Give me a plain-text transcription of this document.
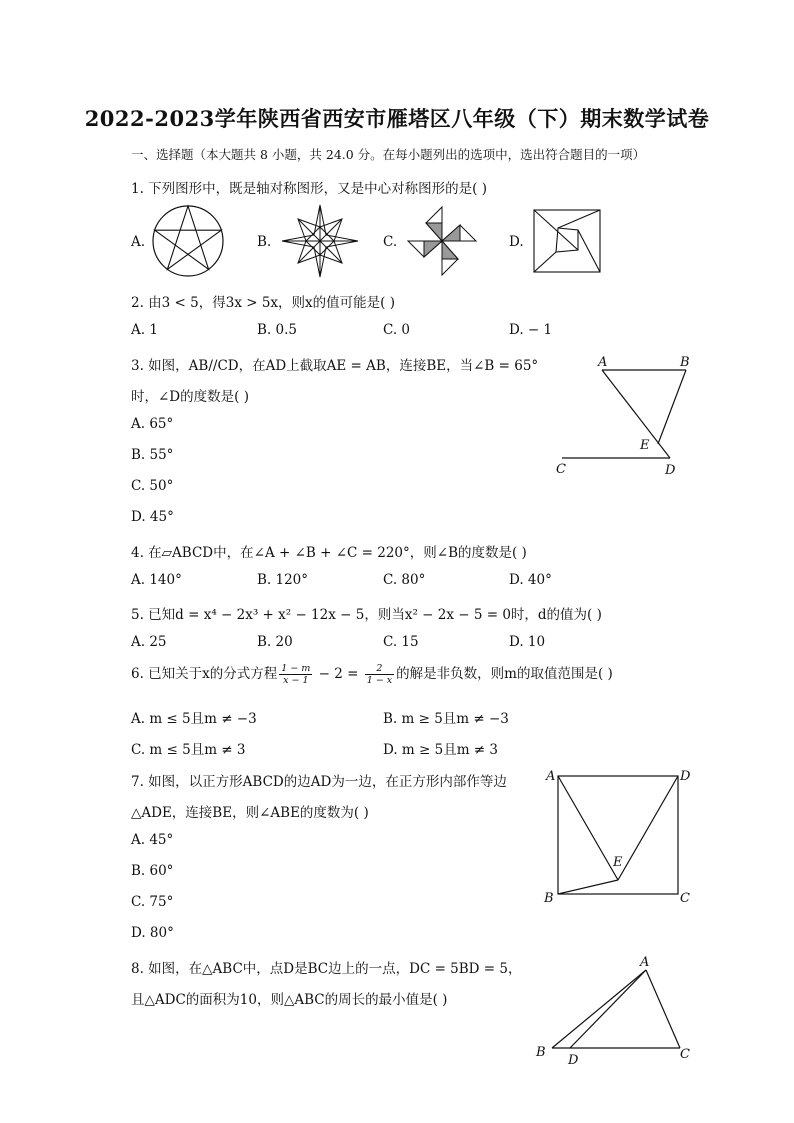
2022-2023学年陕西省西安市雁塔区八年级（下）期末数学试卷
一、选择题（本大题共 8 小题，共 24.0 分。在每小题列出的选项中，选出符合题目的一项）
1. 下列图形中，既是轴对称图形，又是中心对称图形的是( )
A.	B.	C.	D.
2. 由3 < 5，得3x > 5x，则x的值可能是( )
A. 1	B. 0.5	C. 0	D. − 1
3. 如图，AB//CD，在AD上截取AE = AB，连接BE，当∠B = 65°
时，∠D的度数是( )
A. 65°
B. 55°
C. 50°
D. 45°
A	B
C	D
E
4. 在▱ABCD中，在∠A + ∠B + ∠C = 220°，则∠B的度数是( )
A. 140°	B. 120°	C. 80°	D. 40°
5. 已知d = x⁴ − 2x³ + x² − 12x − 5，则当x² − 2x − 5 = 0时，d的值为( )
A. 25	B. 20	C. 15	D. 10
6. 已知关于x的分式方程 $\frac{1 - m}{x - 1} - 2 = \frac{2}{1 - x}$ 的解是非负数，则m的取值范围是( )
A. m ≤ 5且m ≠ −3	B. m ≥ 5且m ≠ −3
C. m ≤ 5且m ≠ 3	D. m ≥ 5且m ≠ 3
7. 如图，以正方形ABCD的边AD为一边，在正方形内部作等边
△ADE，连接BE，则∠ABE的度数为( )
A. 45°
B. 60°
C. 75°
D. 80°
A	D
B	C
E
8. 如图，在△ABC中，点D是BC边上的一点，DC = 5BD = 5，
且△ADC的面积为10，则△ABC的周长的最小值是( )
A
B
D	C
